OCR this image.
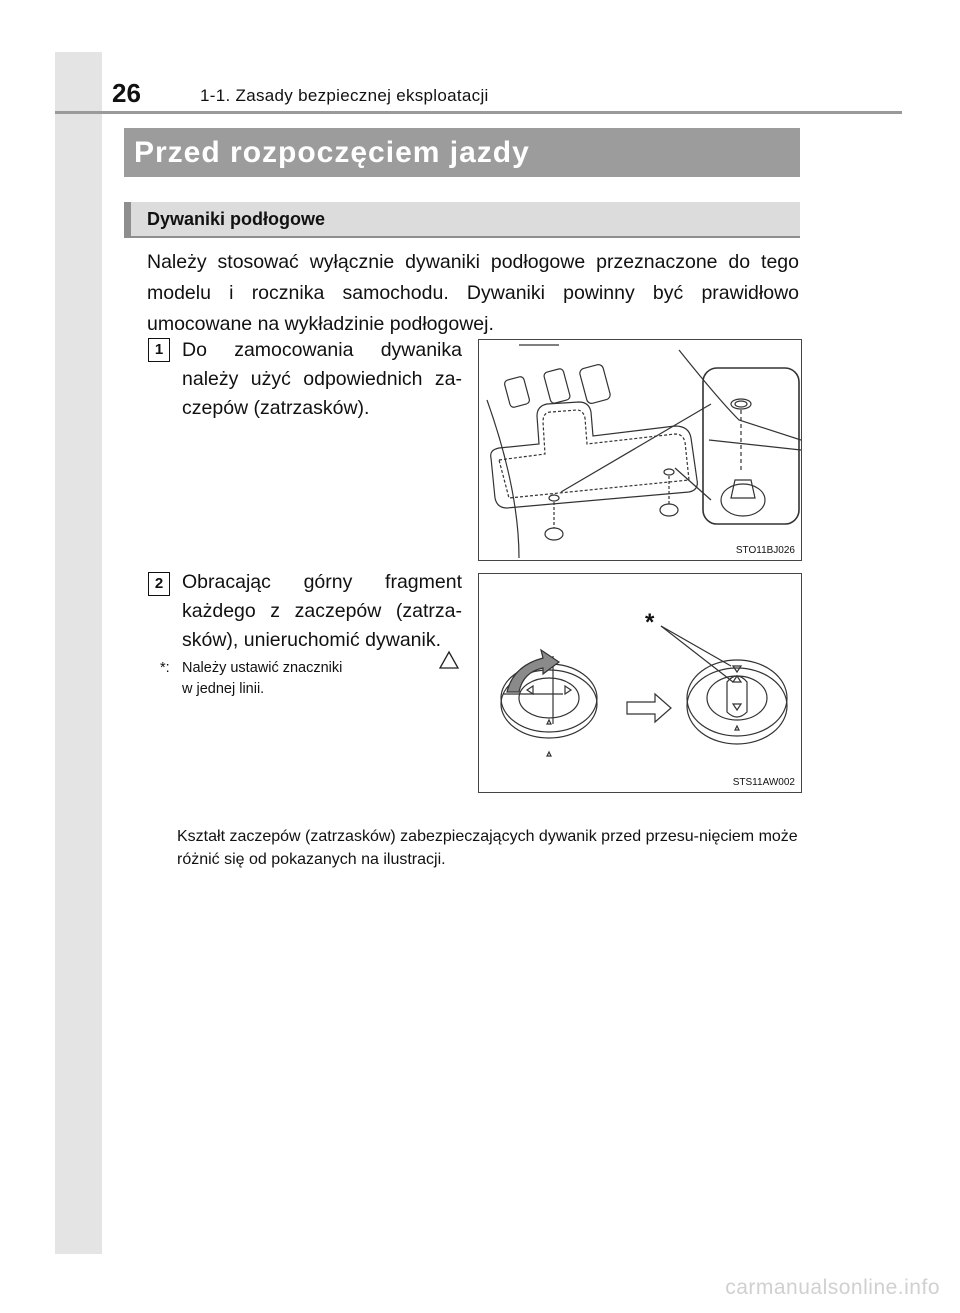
26	1-1. Zasady bezpiecznej eksploatacji
Przed rozpoczęciem jazdy
Dywaniki podłogowe

Należy stosować wyłącznie dywaniki podłogowe przeznaczone do tego modelu i rocznika samochodu. Dywaniki powinny być prawidłowo umocowane na wykładzinie podłogowej.

1 Do zamocowania dywanika należy użyć odpowiednich za-czepów (zatrzasków).

STO11BJ026
2 Obracając górny fragment każdego z zaczepów (zatrza-sków), unieruchomić dywanik.

*: Należy ustawić znaczniki
w jednej linii.
*
STS11AW002

Kształt zaczepów (zatrzasków) zabezpieczających dywanik przed przesu-nięciem może różnić się od pokazanych na ilustracji.

carmanualsonline.info
